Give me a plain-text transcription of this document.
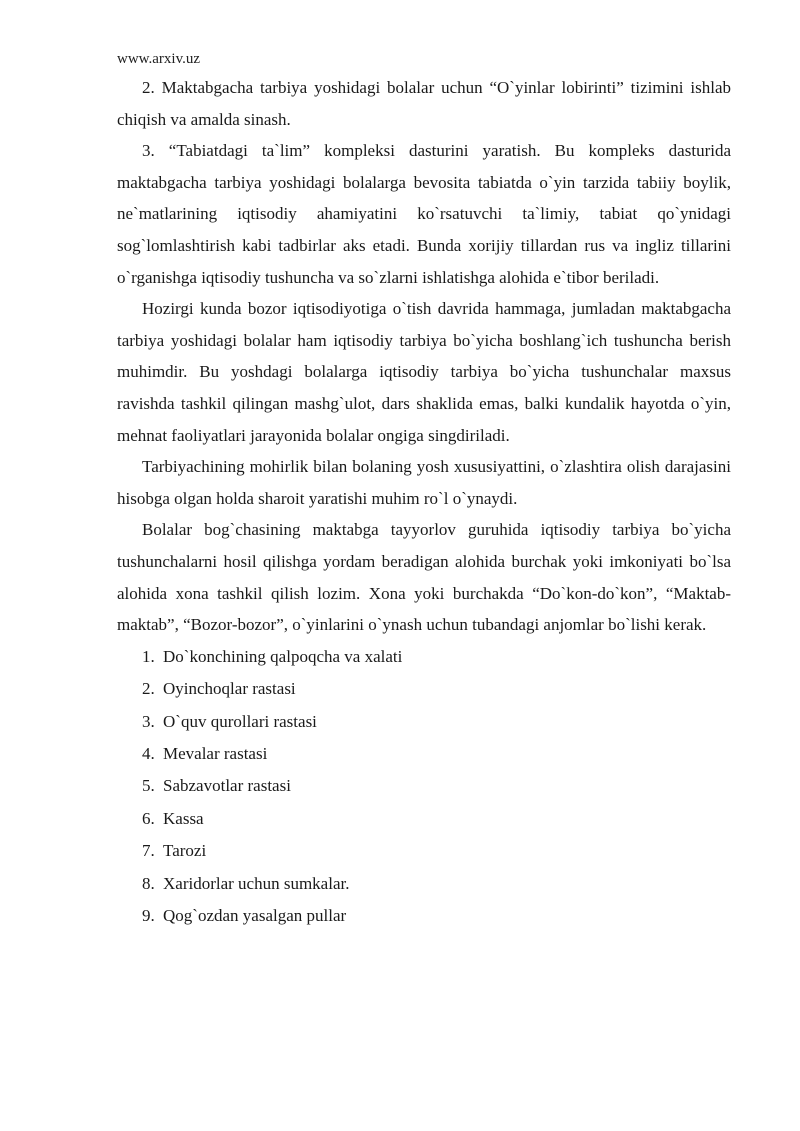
www.arxiv.uz

2. Maktabgacha tarbiya yoshidagi bolalar uchun “O`yinlar lobirinti” tizimini ishlab chiqish va amalda sinash.

3. “Tabiatdagi ta`lim” kompleksi dasturini yaratish. Bu kompleks dasturida maktabgacha tarbiya yoshidagi bolalarga bevosita tabiatda o`yin tarzida tabiiy boylik, ne`matlarining iqtisodiy ahamiyatini ko`rsatuvchi ta`limiy, tabiat qo`ynidagi sog`lomlashtirish kabi tadbirlar aks etadi. Bunda xorijiy tillardan rus va ingliz tillarini o`rganishga iqtisodiy tushuncha va so`zlarni ishlatishga alohida e`tibor beriladi.

Hozirgi kunda bozor iqtisodiyotiga o`tish davrida hammaga, jumladan maktabgacha tarbiya yoshidagi bolalar ham iqtisodiy tarbiya bo`yicha boshlang`ich tushuncha berish muhimdir. Bu yoshdagi bolalarga iqtisodiy tarbiya bo`yicha tushunchalar maxsus ravishda tashkil qilingan mashg`ulot, dars shaklida emas, balki kundalik hayotda o`yin, mehnat faoliyatlari jarayonida bolalar ongiga singdiriladi.

Tarbiyachining mohirlik bilan bolaning yosh xususiyattini, o`zlashtira olish darajasini hisobga olgan holda sharoit yaratishi muhim ro`l o`ynaydi.

Bolalar bog`chasining maktabga tayyorlov guruhida iqtisodiy tarbiya bo`yicha tushunchalarni hosil qilishga yordam beradigan alohida burchak yoki imkoniyati bo`lsa alohida xona tashkil qilish lozim. Xona yoki burchakda “Do`kon-do`kon”, “Maktab- maktab”, “Bozor-bozor”, o`yinlarini o`ynash uchun tubandagi anjomlar bo`lishi kerak.

1. Do`konchining qalpoqcha va xalati
2. Oyinchoqlar rastasi
3. O`quv qurollari rastasi
4. Mevalar rastasi
5. Sabzavotlar rastasi
6. Kassa
7. Tarozi
8. Xaridorlar uchun sumkalar.
9. Qog`ozdan yasalgan pullar
